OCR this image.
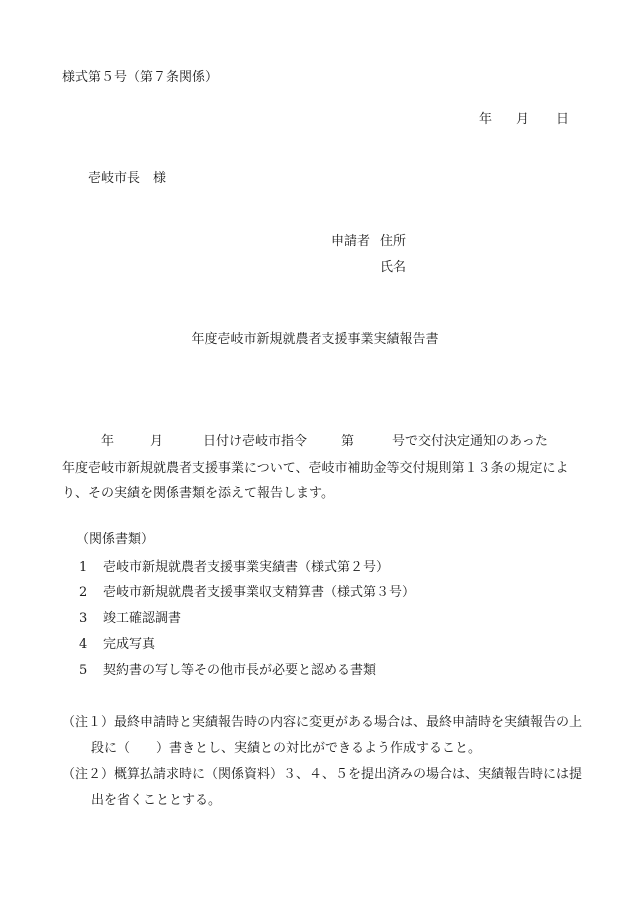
様式第５号（第７条関係）
年 月 日
壱岐市長　様
申請者 住所
氏名
年度壱岐市新規就農者支援事業実績報告書
年	月	日付け壱岐市指令	第	号で交付決定通知のあった
年度壱岐市新規就農者支援事業について、壱岐市補助金等交付規則第１３条の規定によ
り、その実績を関係書類を添えて報告します。
（関係書類）
1 壱岐市新規就農者支援事業実績書（様式第２号）
2 壱岐市新規就農者支援事業収支精算書（様式第３号）
3 竣工確認調書
4 完成写真
5 契約書の写し等その他市長が必要と認める書類
（注１）最終申請時と実績報告時の内容に変更がある場合は、最終申請時を実績報告の上
段に（　　）書きとし、実績との対比ができるよう作成すること。
（注２）概算払請求時に（関係資料）３、４、５を提出済みの場合は、実績報告時には提
出を省くこととする。
